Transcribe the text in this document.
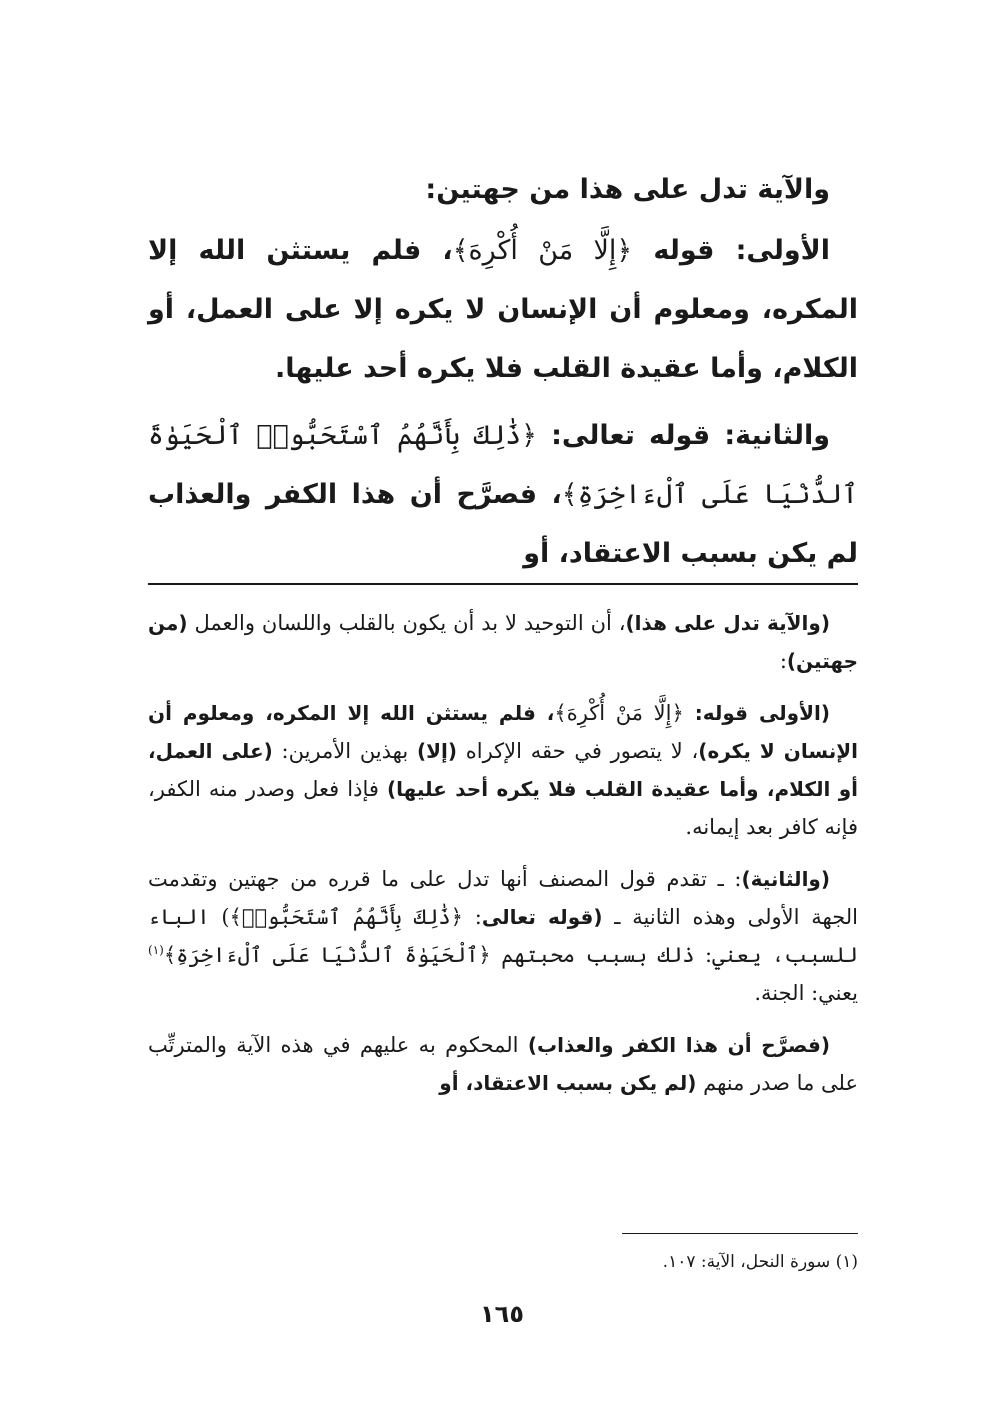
والآية تدل على هذا من جهتين:

الأولى: قوله ﴿إِلَّا مَنْ أُكْرِهَ﴾، فلم يستثن الله إلا المكره، ومعلوم أن الإنسان لا يكره إلا على العمل، أو الكلام، وأما عقيدة القلب فلا يكره أحد عليها.

والثانية: قوله تعالى: ﴿ذَٰلِكَ بِأَنَّهُمُ ٱسْتَحَبُّوا۟ ٱلْحَيَوٰةَ ٱلدُّنْيَا عَلَى ٱلْءَاخِرَةِ﴾، فصرَّح أن هذا الكفر والعذاب لم يكن بسبب الاعتقاد، أو

(والآية تدل على هذا)، أن التوحيد لا بد أن يكون بالقلب واللسان والعمل (من جهتين):

(الأولى قوله: ﴿إِلَّا مَنْ أُكْرِهَ﴾، فلم يستثن الله إلا المكره، ومعلوم أن الإنسان لا يكره)، لا يتصور في حقه الإكراه (إلا) بهذين الأمرين: (على العمل، أو الكلام، وأما عقيدة القلب فلا يكره أحد عليها) فإذا فعل وصدر منه الكفر، فإنه كافر بعد إيمانه.

(والثانية): ـ تقدم قول المصنف أنها تدل على ما قرره من جهتين وتقدمت الجهة الأولى وهذه الثانية ـ (قوله تعالى: ﴿ذَٰلِكَ بِأَنَّهُمُ ٱسْتَحَبُّوا۟﴾) الباء للسبب، يعني: ذلك بسبب محبتهم ﴿ٱلْحَيَوٰةَ ٱلدُّنْيَا عَلَى ٱلْءَاخِرَةِ﴾$^{(١)}$ يعني: الجنة.

(فصرَّح أن هذا الكفر والعذاب) المحكوم به عليهم في هذه الآية والمترتِّب على ما صدر منهم (لم يكن بسبب الاعتقاد، أو

(١) سورة النحل، الآية: ١٠٧.
١٦٥
